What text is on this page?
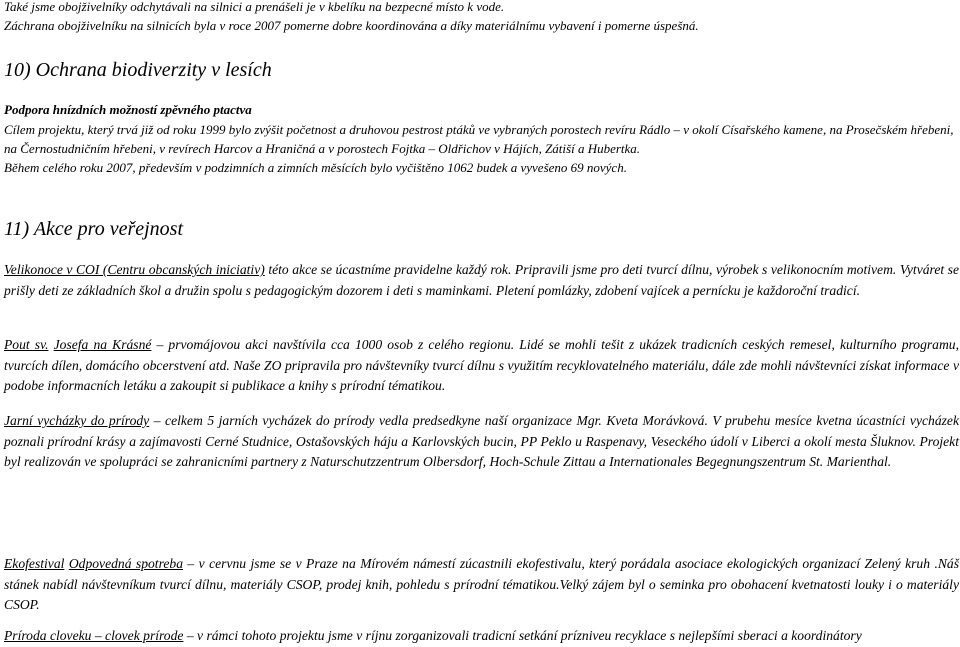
Také jsme obojživelníky odchytávali na silnici a prenášeli je v kbelíku na bezpecné místo k vode.

Záchrana obojživelníku na silnicích byla v roce 2007 pomerne dobre koordinována a díky materiálnímu vybavení i pomerne úspešná.

10) Ochrana biodiverzity v lesích

Podpora hnízdních možností zpěvného ptactva

Cílem projektu, který trvá již od roku 1999 bylo zvýšit početnost a druhovou pestrost ptáků ve vybraných porostech revíru Rádlo – v okolí Císařského kamene, na Prosečském hřebeni, na Černostudničním hřebeni, v revírech Harcov a Hraničná a v porostech Fojtka – Oldřichov v Hájích, Zátiší a Hubertka.

Během celého roku 2007, především v podzimních a zimních měsících bylo vyčištěno 1062 budek a vyvešeno 69 nových.

11) Akce pro veřejnost

Velikonoce v COI (Centru obcanských iniciativ) této akce se úcastníme pravidelne každý rok. Pripravili jsme pro deti tvurcí dílnu, výrobek s velikonocním motivem. Vytváret se prišly deti ze základních škol a družin spolu s pedagogickým dozorem i deti s maminkami. Pletení pomlázky, zdobení vajícek a pernícku je každoroční tradicí.

Pout sv. Josefa na Krásné – prvomájovou akci navštívila cca 1000 osob z celého regionu. Lidé se mohli tešit z ukázek tradicních ceských remesel, kulturního programu, tvurcích dílen, domácího obcerstvení atd. Naše ZO pripravila pro návštevníky tvurcí dílnu s využitím recyklovatelného materiálu, dále zde mohli návštevníci získat informace v podobe informacních letáku a zakoupit si publikace a knihy s prírodní tématikou.

Jarní vycházky do prírody – celkem 5 jarních vycházek do prírody vedla predsedkyne naší organizace Mgr. Kveta Morávková. V prubehu mesíce kvetna úcastníci vycházek poznali prírodní krásy a zajímavosti Cerné Studnice, Ostašovských háju a Karlovských bucin, PP Peklo u Raspenavy, Veseckého údolí v Liberci a okolí mesta Šluknov. Projekt byl realizován ve spolupráci se zahranicními partnery z Naturschutzzentrum Olbersdorf, Hoch-Schule Zittau a Internationales Begegnungszentrum St. Marienthal.

Ekofestival Odpovedná spotreba – v cervnu jsme se v Praze na Mírovém námestí zúcastnili ekofestivalu, který porádala asociace ekologických organizací Zelený kruh .Náš stánek nabídl návštevníkum tvurcí dílnu, materiály CSOP, prodej knih, pohledu s prírodní tématikou.Velký zájem byl o seminka pro obohacení kvetnatosti louky i o materiály CSOP.

Príroda cloveku – clovek prírode – v rámci tohoto projektu jsme v ríjnu zorganizovali tradicní setkání prízniveu recyklace s nejlepšími sberaci a koordinátory
